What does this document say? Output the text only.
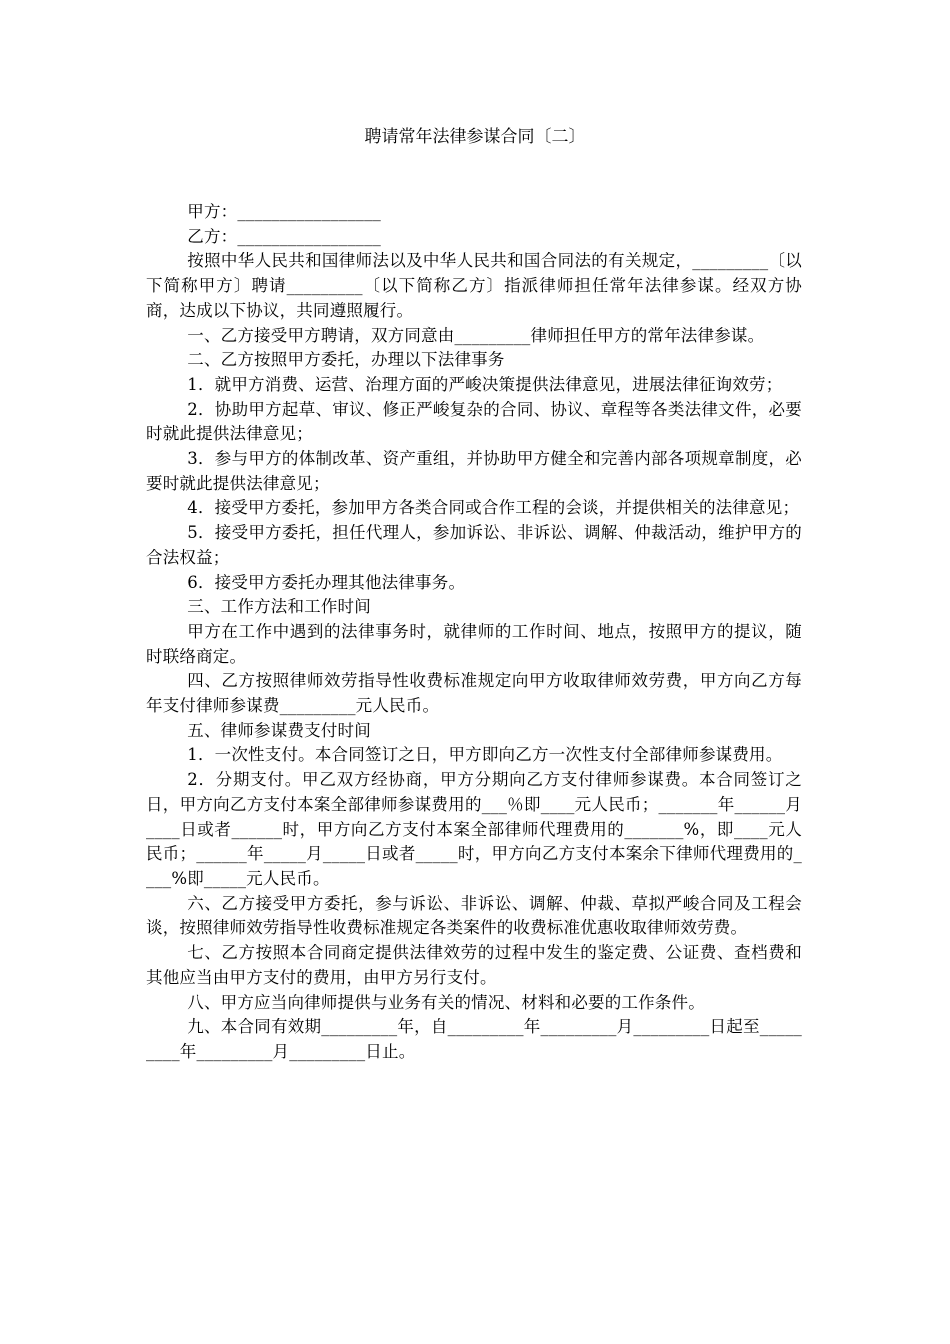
聘请常年法律参谋合同〔二〕

甲方：_________________

乙方：_________________

按照中华人民共和国律师法以及中华人民共和国合同法的有关规定，_________〔以下简称甲方〕聘请_________〔以下简称乙方〕指派律师担任常年法律参谋。经双方协商，达成以下协议，共同遵照履行。

一、乙方接受甲方聘请，双方同意由_________律师担任甲方的常年法律参谋。

二、乙方按照甲方委托，办理以下法律事务

1．就甲方消费、运营、治理方面的严峻决策提供法律意见，进展法律征询效劳；

2．协助甲方起草、审议、修正严峻复杂的合同、协议、章程等各类法律文件，必要时就此提供法律意见；

3．参与甲方的体制改革、资产重组，并协助甲方健全和完善内部各项规章制度，必要时就此提供法律意见；

4．接受甲方委托，参加甲方各类合同或合作工程的会谈，并提供相关的法律意见；

5．接受甲方委托，担任代理人，参加诉讼、非诉讼、调解、仲裁活动，维护甲方的合法权益；

6．接受甲方委托办理其他法律事务。

三、工作方法和工作时间

甲方在工作中遇到的法律事务时，就律师的工作时间、地点，按照甲方的提议，随时联络商定。

四、乙方按照律师效劳指导性收费标准规定向甲方收取律师效劳费，甲方向乙方每年支付律师参谋费_________元人民币。

五、律师参谋费支付时间

1．一次性支付。本合同签订之日，甲方即向乙方一次性支付全部律师参谋费用。

2．分期支付。甲乙双方经协商，甲方分期向乙方支付律师参谋费。本合同签订之日，甲方向乙方支付本案全部律师参谋费用的___％即____元人民币；_______年______月____日或者______时，甲方向乙方支付本案全部律师代理费用的_______%，即____元人民币；______年_____月_____日或者_____时，甲方向乙方支付本案余下律师代理费用的____%即_____元人民币。

六、乙方接受甲方委托，参与诉讼、非诉讼、调解、仲裁、草拟严峻合同及工程会谈，按照律师效劳指导性收费标准规定各类案件的收费标准优惠收取律师效劳费。

七、乙方按照本合同商定提供法律效劳的过程中发生的鉴定费、公证费、查档费和其他应当由甲方支付的费用，由甲方另行支付。

八、甲方应当向律师提供与业务有关的情况、材料和必要的工作条件。

九、本合同有效期_________年，自_________年_________月_________日起至_________年_________月_________日止。
